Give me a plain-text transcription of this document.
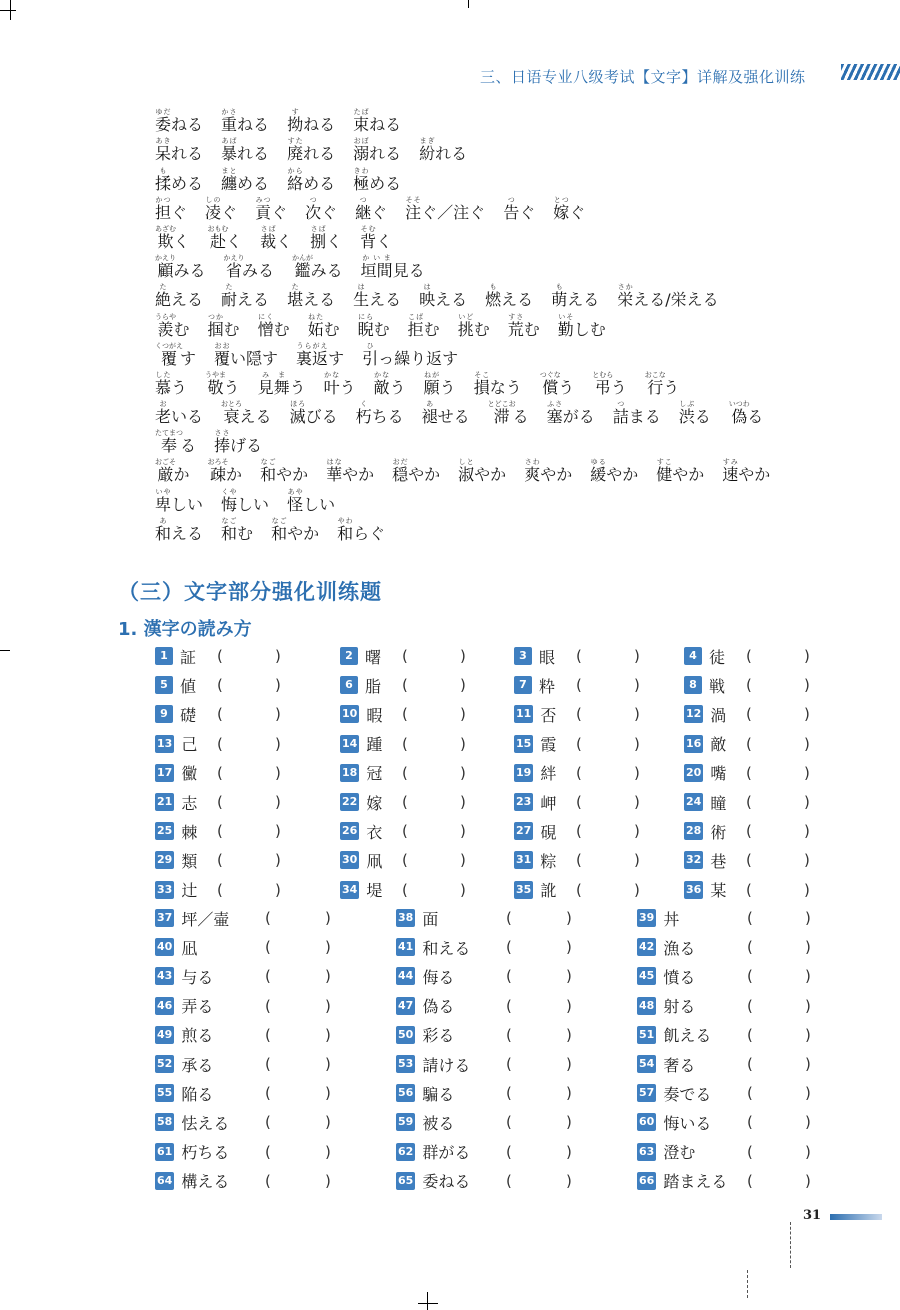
三、日语专业八级考试【文字】详解及强化训练
委ゆだねる 重かさねる 拗すねる 束たばねる
呆あきれる 暴あばれる 廃すたれる 溺おぼれる 紛まぎれる
揉もめる 纏まとめる 絡からめる 極きわめる
担かつぐ 凌しのぐ 貢みつぐ 次つぐ 継つぐ 注そそぐ／注ぐ 告つぐ 嫁とつぐ
欺あざむく 赴おもむく 裁さばく 捌さばく 背そむく
顧かえりみる 省かえりみる 鑑かんがみる 垣間かいま見る
絶たえる 耐たえる 堪たえる 生はえる 映はえる 燃もえる 萌もえる 栄さかえる/栄える
羨うらやむ 掴つかむ 憎にくむ 妬ねたむ 睨にらむ 拒こばむ 挑いどむ 荒すさむ 勤いそしむ
覆くつがえす 覆おおい隠す 裏返うらがえす 引ひっ繰り返す
慕したう 敬うやまう 見舞みまう 叶かなう 敵かなう 願ねがう 損そこなう 償つぐなう 弔とむらう 行おこなう
老おいる 衰おとろえる 滅ほろびる 朽くちる 褪あせる 滞とどこおる 塞ふさがる 詰つまる 渋しぶる 偽いつわる
奉たてまつる 捧ささげる
厳おごそか 疎おろそか 和なごやか 華はなやか 穏おだやか 淑しとやか 爽さわやか 緩ゆるやか 健すこやか 速すみやか
卑いやしい 悔くやしい 怪あやしい
和あえる 和なごむ 和なごやか 和やわらぐ
（三）文字部分强化训练题
1. 漢字の読み方
1 証 (	)	2 曙 (	)	3 眼 (	)	4 徒 (	)
5 値 (	)	6 脂 (	)	7 粋 (	)	8 戦 (	)
9 礎 (	)	10 暇 (	)	11 否 (	)	12 渦 (	)
13 己 (	)	14 踵 (	)	15 霞 (	)	16 敵 (	)
17 黴 (	)	18 冠 (	)	19 絆 (	)	20 嘴 (	)
21 志 (	)	22 嫁 (	)	23 岬 (	)	24 瞳 (	)
25 棘 (	)	26 衣 (	)	27 硯 (	)	28 術 (	)
29 類 (	)	30 凧 (	)	31 粽 (	)	32 巷 (	)
33 辻 (	)	34 堤 (	)	35 訛 (	)	36 某 (	)
37 坪／壷 (	)	38 面	(	)	39 丼	(	)
40 凪	(	)	41 和える (	)	42 漁る	(	)
43 与る	(	)	44 侮る	(	)	45 憤る	(	)
46 弄る	(	)	47 偽る	(	)	48 射る	(	)
49 煎る	(	)	50 彩る	(	)	51 飢える (	)
52 承る	(	)	53 請ける (	)	54 奢る	(	)
55 陥る	(	)	56 騙る	(	)	57 奏でる (	)
58 怯える (	)	59 被る	(	)	60 悔いる (	)
61 朽ちる (	)	62 群がる (	)	63 澄む	(	)
64 構える (	)	65 委ねる (	)	66 踏まえる (	)
31
